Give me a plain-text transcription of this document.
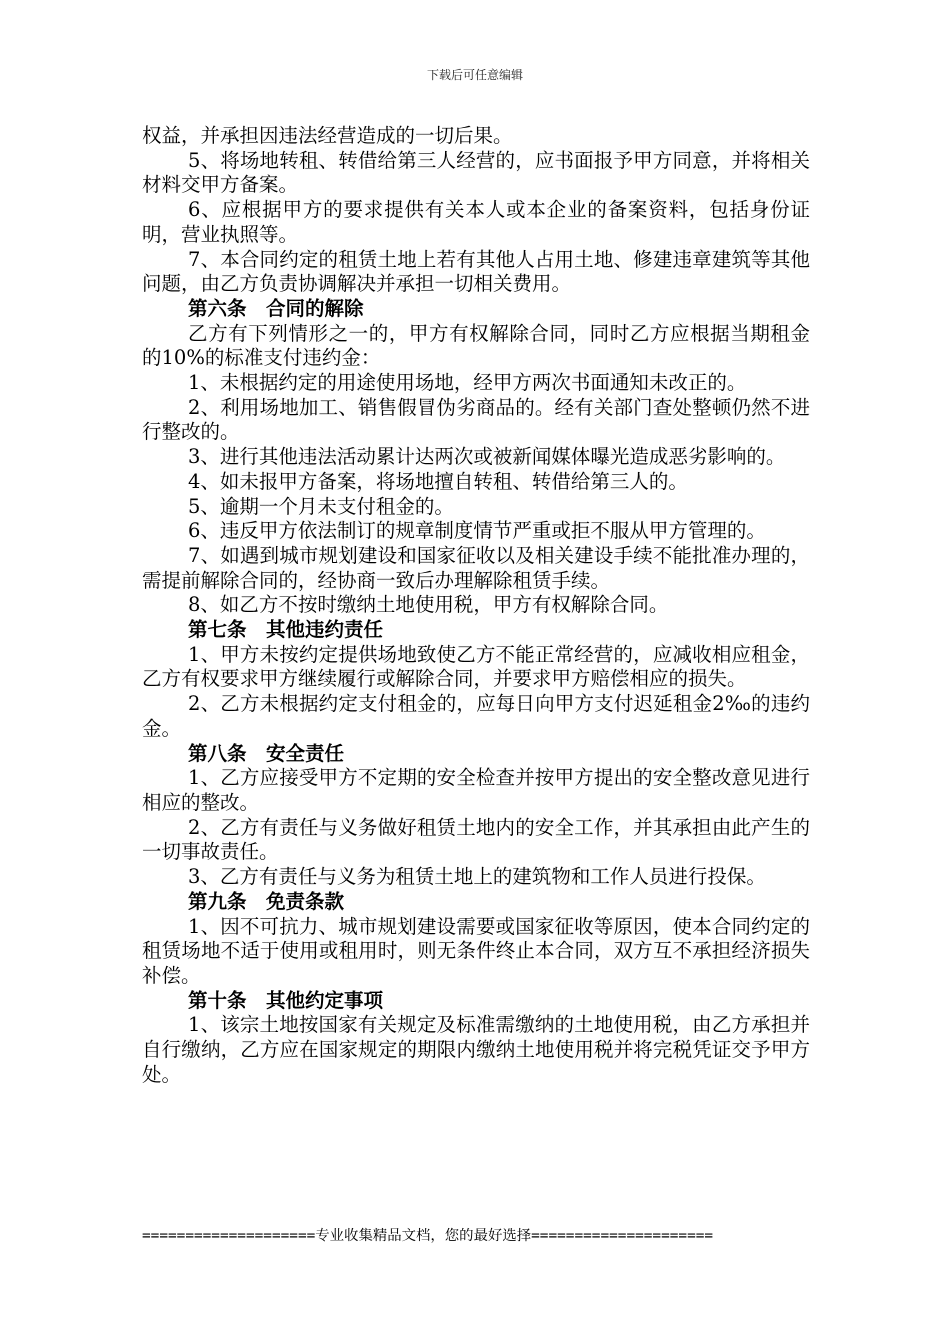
下载后可任意编辑

权益，并承担因违法经营造成的一切后果。

5、将场地转租、转借给第三人经营的，应书面报予甲方同意，并将相关材料交甲方备案。

6、应根据甲方的要求提供有关本人或本企业的备案资料，包括身份证明，营业执照等。

7、本合同约定的租赁土地上若有其他人占用土地、修建违章建筑等其他问题，由乙方负责协调解决并承担一切相关费用。

第六条　合同的解除

乙方有下列情形之一的，甲方有权解除合同，同时乙方应根据当期租金的10%的标准支付违约金：

1、未根据约定的用途使用场地，经甲方两次书面通知未改正的。

2、利用场地加工、销售假冒伪劣商品的。经有关部门查处整顿仍然不进行整改的。

3、进行其他违法活动累计达两次或被新闻媒体曝光造成恶劣影响的。

4、如未报甲方备案，将场地擅自转租、转借给第三人的。

5、逾期一个月未支付租金的。

6、违反甲方依法制订的规章制度情节严重或拒不服从甲方管理的。

7、如遇到城市规划建设和国家征收以及相关建设手续不能批准办理的，需提前解除合同的，经协商一致后办理解除租赁手续。

8、如乙方不按时缴纳土地使用税，甲方有权解除合同。

第七条　其他违约责任

1、甲方未按约定提供场地致使乙方不能正常经营的，应减收相应租金，乙方有权要求甲方继续履行或解除合同，并要求甲方赔偿相应的损失。

2、乙方未根据约定支付租金的，应每日向甲方支付迟延租金2‰的违约金。

第八条　安全责任

1、乙方应接受甲方不定期的安全检查并按甲方提出的安全整改意见进行相应的整改。

2、乙方有责任与义务做好租赁土地内的安全工作，并其承担由此产生的一切事故责任。

3、乙方有责任与义务为租赁土地上的建筑物和工作人员进行投保。

第九条　免责条款

1、因不可抗力、城市规划建设需要或国家征收等原因，使本合同约定的租赁场地不适于使用或租用时，则无条件终止本合同，双方互不承担经济损失补偿。

第十条　其他约定事项

1、该宗土地按国家有关规定及标准需缴纳的土地使用税，由乙方承担并自行缴纳，乙方应在国家规定的期限内缴纳土地使用税并将完税凭证交予甲方处。

====================专业收集精品文档，您的最好选择=====================
